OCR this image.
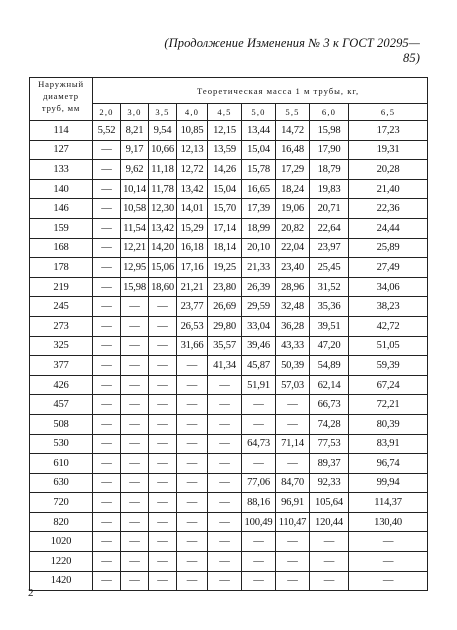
(Продолжение Изменения № 3 к ГОСТ 20295—85)
Наружный
диаметр
труб, мм	Теоретическая масса 1 м трубы, кг,								
	2,0	3,0	3,5	4,0	4,5	5,0	5,5	6,0	6,5
114	5,52	8,21	9,54	10,85	12,15	13,44	14,72	15,98	17,23
127	—	9,17	10,66	12,13	13,59	15,04	16,48	17,90	19,31
133	—	9,62	11,18	12,72	14,26	15,78	17,29	18,79	20,28
140	—	10,14	11,78	13,42	15,04	16,65	18,24	19,83	21,40
146	—	10,58	12,30	14,01	15,70	17,39	19,06	20,71	22,36
159	—	11,54	13,42	15,29	17,14	18,99	20,82	22,64	24,44
168	—	12,21	14,20	16,18	18,14	20,10	22,04	23,97	25,89
178	—	12,95	15,06	17,16	19,25	21,33	23,40	25,45	27,49
219	—	15,98	18,60	21,21	23,80	26,39	28,96	31,52	34,06
245	—	—	—	23,77	26,69	29,59	32,48	35,36	38,23
273	—	—	—	26,53	29,80	33,04	36,28	39,51	42,72
325	—	—	—	31,66	35,57	39,46	43,33	47,20	51,05
377	—	—	—	—	41,34	45,87	50,39	54,89	59,39
426	—	—	—	—	—	51,91	57,03	62,14	67,24
457	—	—	—	—	—	—	—	66,73	72,21
508	—	—	—	—	—	—	—	74,28	80,39
530	—	—	—	—	—	64,73	71,14	77,53	83,91
610	—	—	—	—	—	—	—	89,37	96,74
630	—	—	—	—	—	77,06	84,70	92,33	99,94
720	—	—	—	—	—	88,16	96,91	105,64	114,37
820	—	—	—	—	—	100,49	110,47	120,44	130,40
1020	—	—	—	—	—	—	—	—	—
1220	—	—	—	—	—	—	—	—	—
1420	—	—	—	—	—	—	—	—	—
2
